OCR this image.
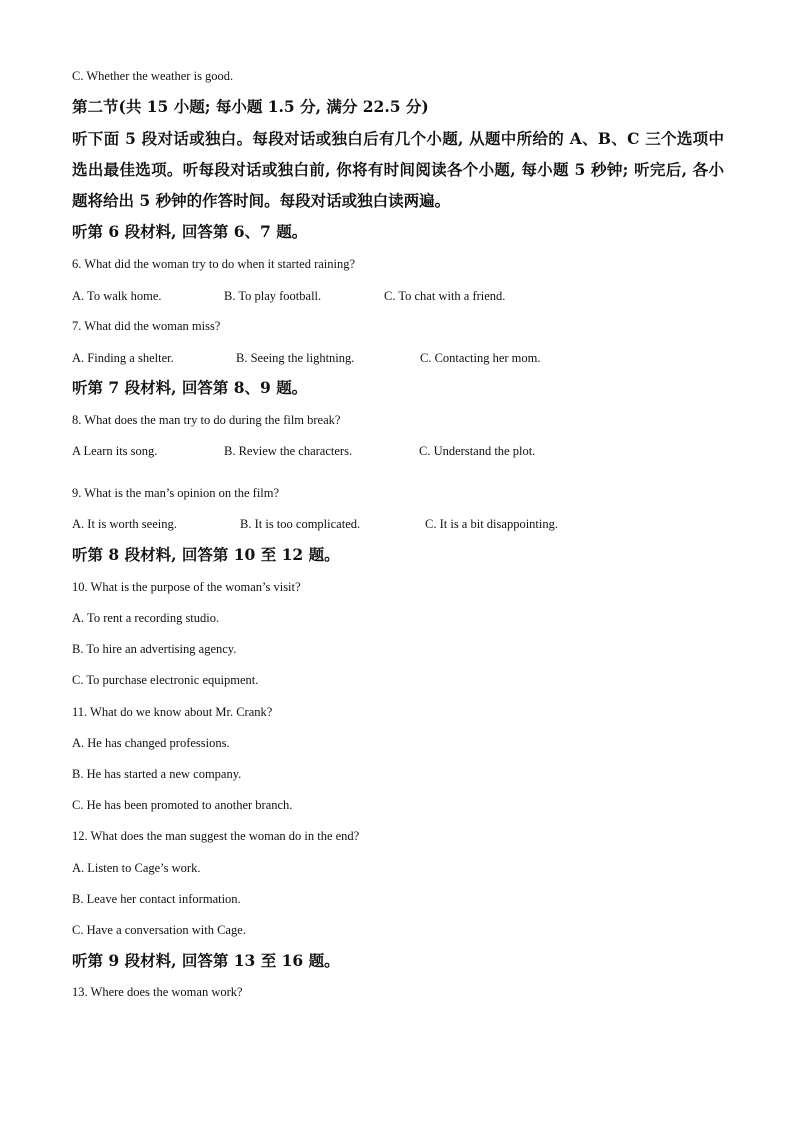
C. Whether the weather is good.
第二节(共 15 小题; 每小题 1.5 分, 满分 22.5 分)
听下面 5 段对话或独白。每段对话或独白后有几个小题, 从题中所给的 A、B、C 三个选项中选出最佳选项。听每段对话或独白前, 你将有时间阅读各个小题, 每小题 5 秒钟; 听完后, 各小题将给出 5 秒钟的作答时间。每段对话或独白读两遍。
听第 6 段材料, 回答第 6、7 题。
6. What did the woman try to do when it started raining?
A. To walk home.	B. To play football.	C. To chat with a friend.
7. What did the woman miss?
A. Finding a shelter.	B. Seeing the lightning.	C. Contacting her mom.
听第 7 段材料, 回答第 8、9 题。
8. What does the man try to do during the film break?
A Learn its song.	B. Review the characters.	C. Understand the plot.
9. What is the man’s opinion on the film?
A. It is worth seeing.	B. It is too complicated.	C. It is a bit disappointing.
听第 8 段材料, 回答第 10 至 12 题。
10. What is the purpose of the woman’s visit?
A. To rent a recording studio.
B. To hire an advertising agency.
C. To purchase electronic equipment.
11. What do we know about Mr. Crank?
A. He has changed professions.
B. He has started a new company.
C. He has been promoted to another branch.
12. What does the man suggest the woman do in the end?
A. Listen to Cage’s work.
B. Leave her contact information.
C. Have a conversation with Cage.
听第 9 段材料, 回答第 13 至 16 题。
13. Where does the woman work?
